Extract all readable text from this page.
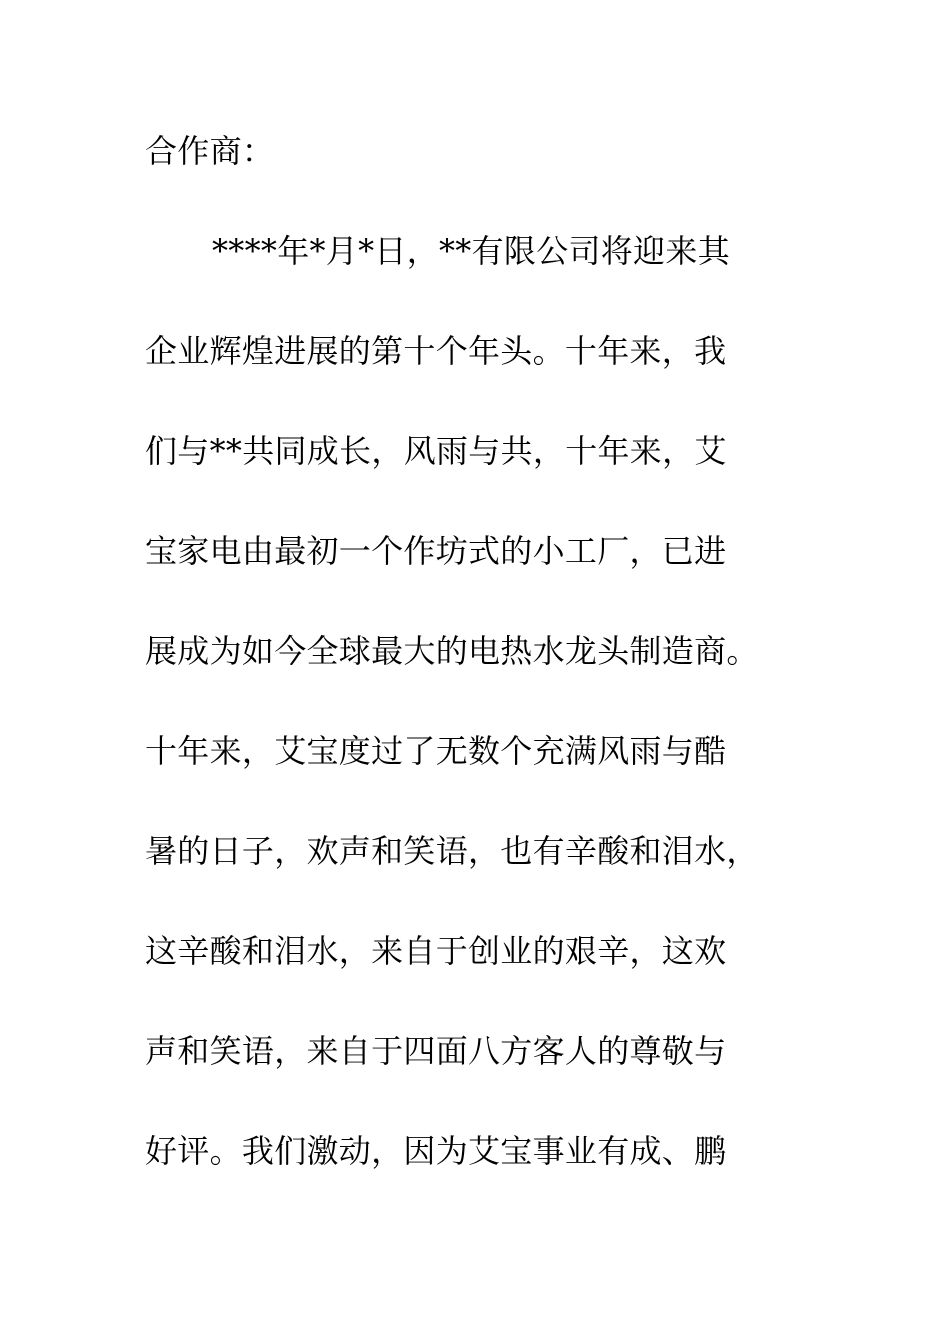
合作商：
****年*月*日，**有限公司将迎来其
企业辉煌进展的第十个年头。十年来，我
们与**共同成长，风雨与共，十年来，艾
宝家电由最初一个作坊式的小工厂，已进
展成为如今全球最大的电热水龙头制造商。
十年来，艾宝度过了无数个充满风雨与酷
暑的日子，欢声和笑语，也有辛酸和泪水，
这辛酸和泪水，来自于创业的艰辛，这欢
声和笑语，来自于四面八方客人的尊敬与
好评。我们激动，因为艾宝事业有成、鹏
